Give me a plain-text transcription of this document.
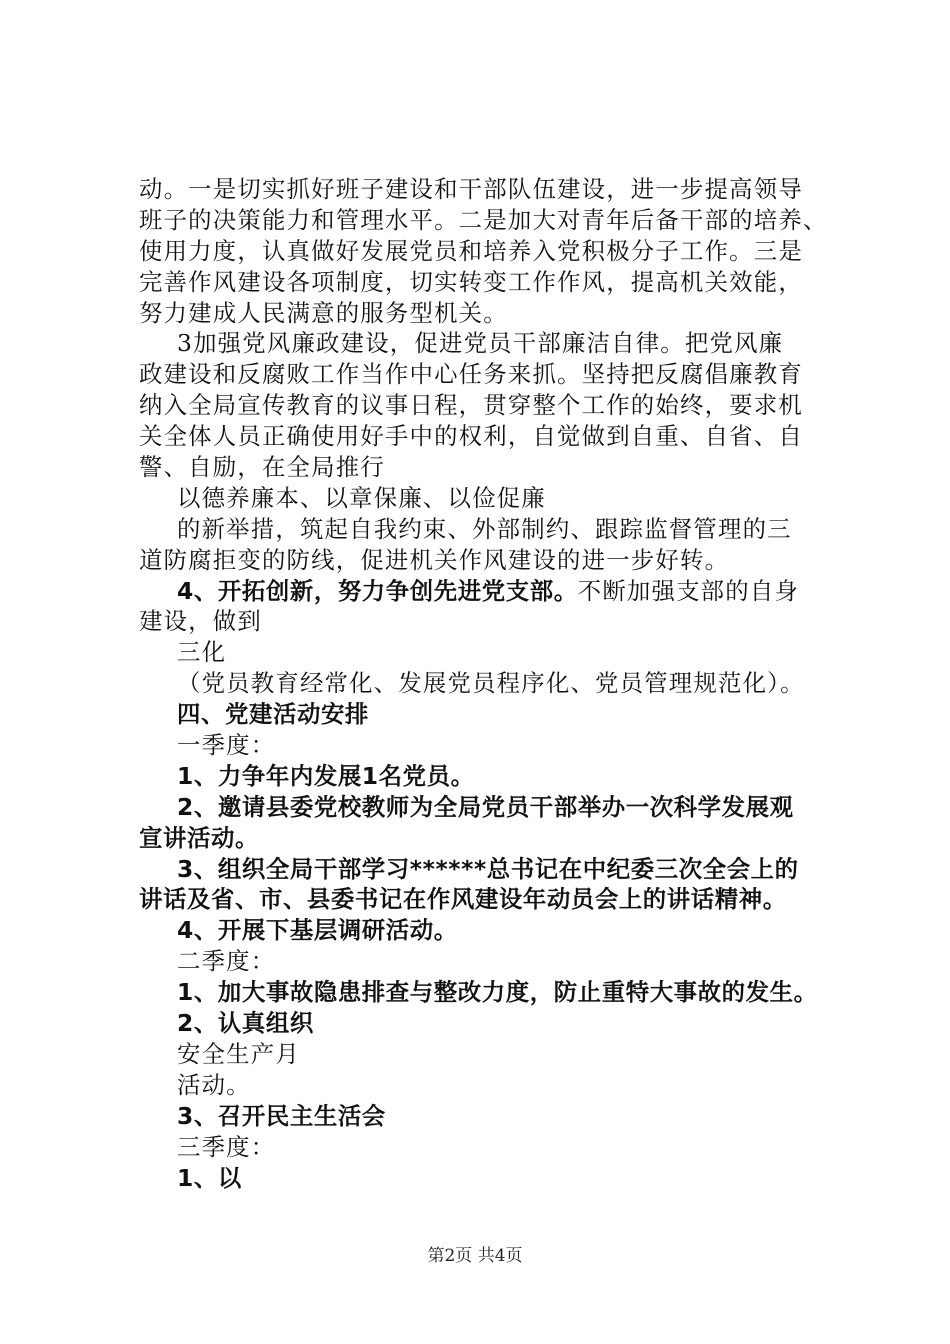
动。一是切实抓好班子建设和干部队伍建设，进一步提高领导
班子的决策能力和管理水平。二是加大对青年后备干部的培养、
使用力度，认真做好发展党员和培养入党积极分子工作。三是
完善作风建设各项制度，切实转变工作作风，提高机关效能，
努力建成人民满意的服务型机关。
3加强党风廉政建设，促进党员干部廉洁自律。把党风廉
政建设和反腐败工作当作中心任务来抓。坚持把反腐倡廉教育
纳入全局宣传教育的议事日程，贯穿整个工作的始终，要求机
关全体人员正确使用好手中的权利，自觉做到自重、自省、自
警、自励，在全局推行
以德养廉本、以章保廉、以俭促廉
的新举措，筑起自我约束、外部制约、跟踪监督管理的三
道防腐拒变的防线，促进机关作风建设的进一步好转。
4、开拓创新，努力争创先进党支部。不断加强支部的自身
建设，做到
三化
（党员教育经常化、发展党员程序化、党员管理规范化）。
四、党建活动安排
一季度：
1、力争年内发展1名党员。
2、邀请县委党校教师为全局党员干部举办一次科学发展观
宣讲活动。
3、组织全局干部学习******总书记在中纪委三次全会上的
讲话及省、市、县委书记在作风建设年动员会上的讲话精神。
4、开展下基层调研活动。
二季度：
1、加大事故隐患排查与整改力度，防止重特大事故的发生。
2、认真组织
安全生产月
活动。
3、召开民主生活会
三季度：
1、以
第2页 共4页
